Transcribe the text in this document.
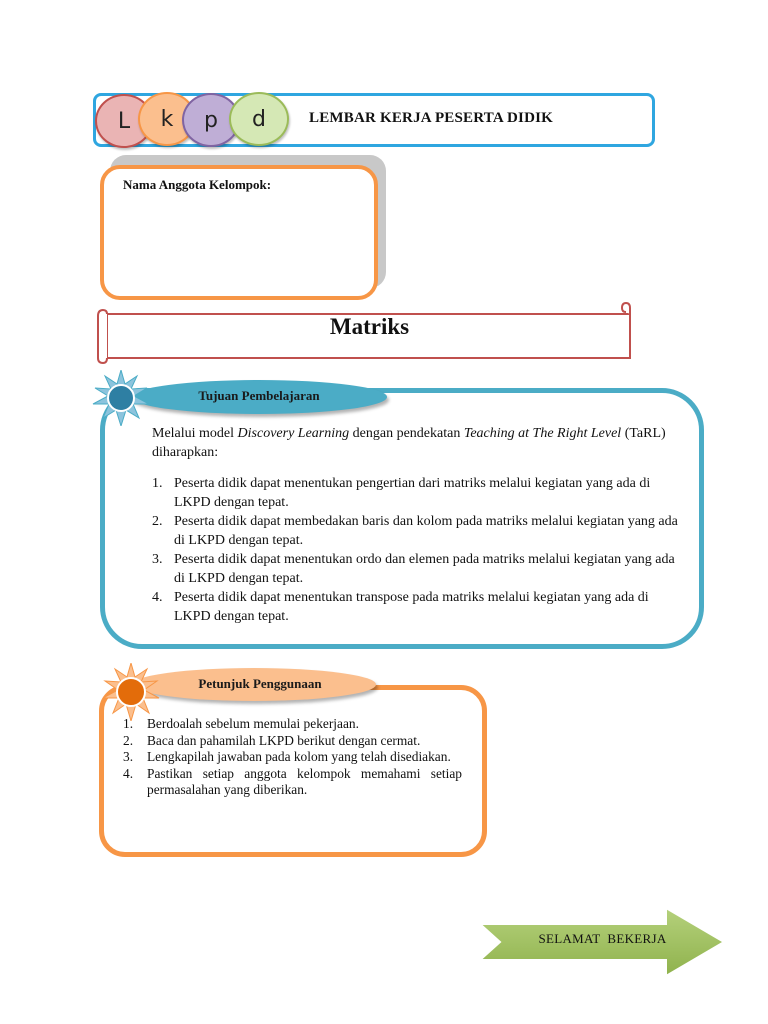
L	k	p	d	LEMBAR KERJA PESERTA DIDIK
Nama Anggota Kelompok:
Matriks
Tujuan Pembelajaran
Melalui model Discovery Learning dengan pendekatan Teaching at The Right Level (TaRL) diharapkan:
1. Peserta didik dapat menentukan pengertian dari matriks melalui kegiatan yang ada di LKPD dengan tepat.
2. Peserta didik dapat membedakan baris dan kolom pada matriks melalui kegiatan yang ada di LKPD dengan tepat.
3. Peserta didik dapat menentukan ordo dan elemen pada matriks melalui kegiatan yang ada di LKPD dengan tepat.
4. Peserta didik dapat menentukan transpose pada matriks melalui kegiatan yang ada di LKPD dengan tepat.
Petunjuk Penggunaan
1. Berdoalah sebelum memulai pekerjaan.
2. Baca dan pahamilah LKPD berikut dengan cermat.
3. Lengkapilah jawaban pada kolom yang telah disediakan.
4. Pastikan setiap anggota kelompok memahami setiap permasalahan yang diberikan.
SELAMAT  BEKERJA
